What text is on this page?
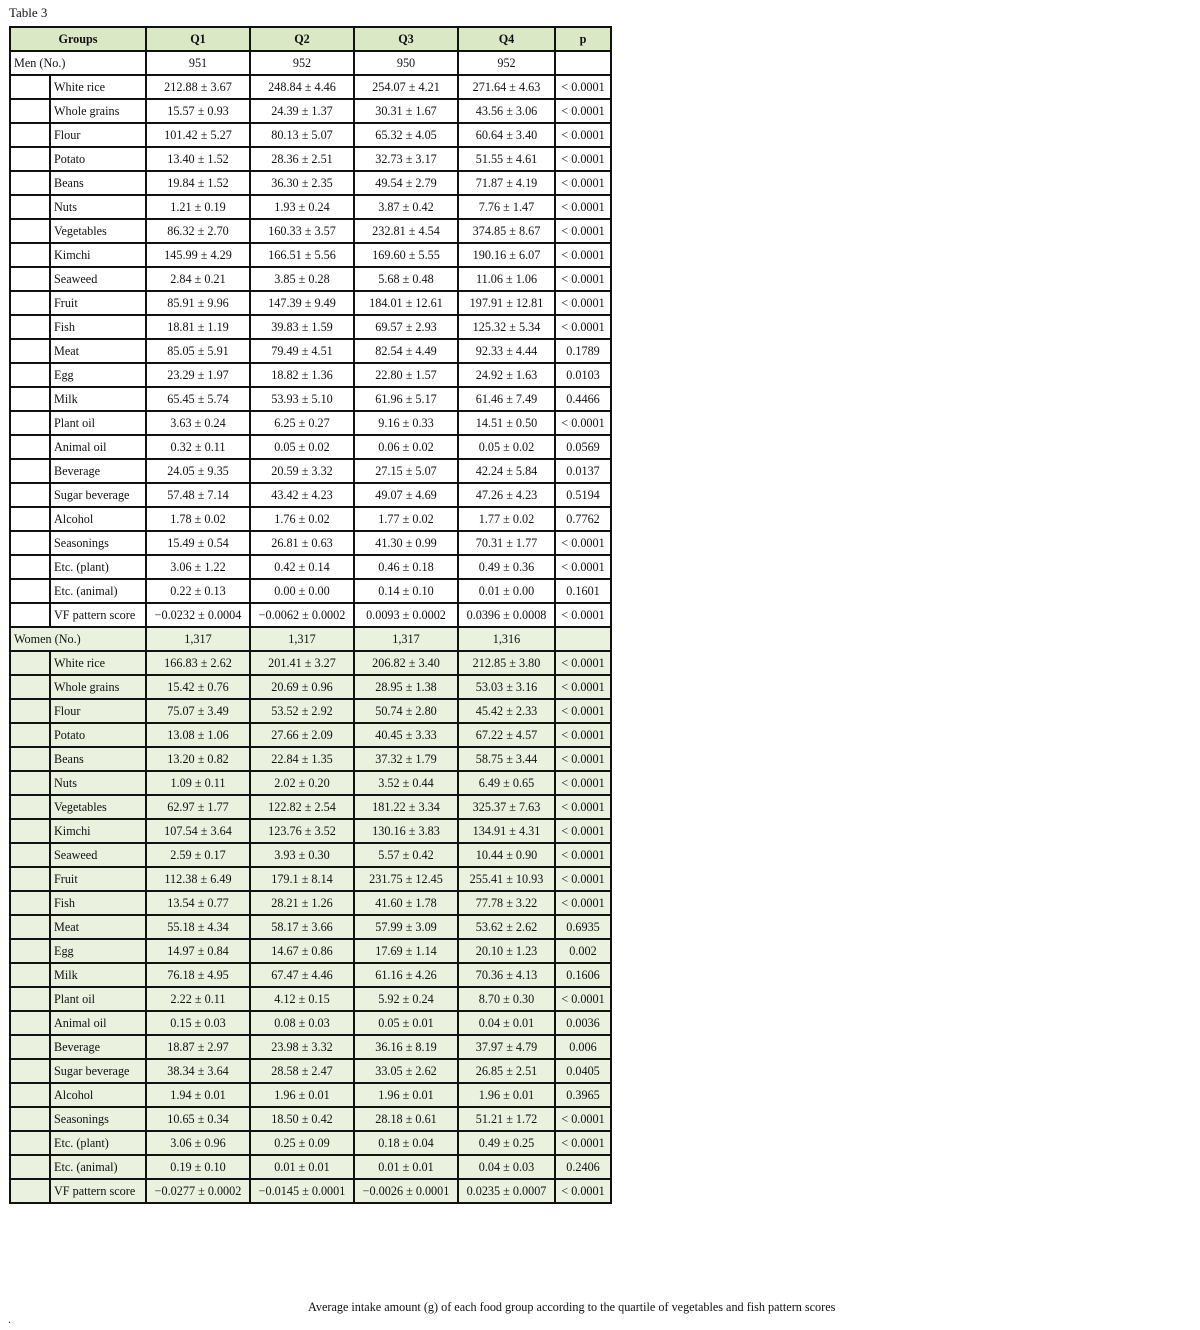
Table 3
Groups		Q1	Q2	Q3	Q4	p
Men (No.)		951	952	950	952	
	White rice	212.88 ± 3.67	248.84 ± 4.46	254.07 ± 4.21	271.64 ± 4.63	< 0.0001
	Whole grains	15.57 ± 0.93	24.39 ± 1.37	30.31 ± 1.67	43.56 ± 3.06	< 0.0001
	Flour	101.42 ± 5.27	80.13 ± 5.07	65.32 ± 4.05	60.64 ± 3.40	< 0.0001
	Potato	13.40 ± 1.52	28.36 ± 2.51	32.73 ± 3.17	51.55 ± 4.61	< 0.0001
	Beans	19.84 ± 1.52	36.30 ± 2.35	49.54 ± 2.79	71.87 ± 4.19	< 0.0001
	Nuts	1.21 ± 0.19	1.93 ± 0.24	3.87 ± 0.42	7.76 ± 1.47	< 0.0001
	Vegetables	86.32 ± 2.70	160.33 ± 3.57	232.81 ± 4.54	374.85 ± 8.67	< 0.0001
	Kimchi	145.99 ± 4.29	166.51 ± 5.56	169.60 ± 5.55	190.16 ± 6.07	< 0.0001
	Seaweed	2.84 ± 0.21	3.85 ± 0.28	5.68 ± 0.48	11.06 ± 1.06	< 0.0001
	Fruit	85.91 ± 9.96	147.39 ± 9.49	184.01 ± 12.61	197.91 ± 12.81	< 0.0001
	Fish	18.81 ± 1.19	39.83 ± 1.59	69.57 ± 2.93	125.32 ± 5.34	< 0.0001
	Meat	85.05 ± 5.91	79.49 ± 4.51	82.54 ± 4.49	92.33 ± 4.44	0.1789
	Egg	23.29 ± 1.97	18.82 ± 1.36	22.80 ± 1.57	24.92 ± 1.63	0.0103
	Milk	65.45 ± 5.74	53.93 ± 5.10	61.96 ± 5.17	61.46 ± 7.49	0.4466
	Plant oil	3.63 ± 0.24	6.25 ± 0.27	9.16 ± 0.33	14.51 ± 0.50	< 0.0001
	Animal oil	0.32 ± 0.11	0.05 ± 0.02	0.06 ± 0.02	0.05 ± 0.02	0.0569
	Beverage	24.05 ± 9.35	20.59 ± 3.32	27.15 ± 5.07	42.24 ± 5.84	0.0137
	Sugar beverage	57.48 ± 7.14	43.42 ± 4.23	49.07 ± 4.69	47.26 ± 4.23	0.5194
	Alcohol	1.78 ± 0.02	1.76 ± 0.02	1.77 ± 0.02	1.77 ± 0.02	0.7762
	Seasonings	15.49 ± 0.54	26.81 ± 0.63	41.30 ± 0.99	70.31 ± 1.77	< 0.0001
	Etc. (plant)	3.06 ± 1.22	0.42 ± 0.14	0.46 ± 0.18	0.49 ± 0.36	< 0.0001
	Etc. (animal)	0.22 ± 0.13	0.00 ± 0.00	0.14 ± 0.10	0.01 ± 0.00	0.1601
	VF pattern score	−0.0232 ± 0.0004	−0.0062 ± 0.0002	0.0093 ± 0.0002	0.0396 ± 0.0008	< 0.0001
Women (No.)		1,317	1,317	1,317	1,316	
	White rice	166.83 ± 2.62	201.41 ± 3.27	206.82 ± 3.40	212.85 ± 3.80	< 0.0001
	Whole grains	15.42 ± 0.76	20.69 ± 0.96	28.95 ± 1.38	53.03 ± 3.16	< 0.0001
	Flour	75.07 ± 3.49	53.52 ± 2.92	50.74 ± 2.80	45.42 ± 2.33	< 0.0001
	Potato	13.08 ± 1.06	27.66 ± 2.09	40.45 ± 3.33	67.22 ± 4.57	< 0.0001
	Beans	13.20 ± 0.82	22.84 ± 1.35	37.32 ± 1.79	58.75 ± 3.44	< 0.0001
	Nuts	1.09 ± 0.11	2.02 ± 0.20	3.52 ± 0.44	6.49 ± 0.65	< 0.0001
	Vegetables	62.97 ± 1.77	122.82 ± 2.54	181.22 ± 3.34	325.37 ± 7.63	< 0.0001
	Kimchi	107.54 ± 3.64	123.76 ± 3.52	130.16 ± 3.83	134.91 ± 4.31	< 0.0001
	Seaweed	2.59 ± 0.17	3.93 ± 0.30	5.57 ± 0.42	10.44 ± 0.90	< 0.0001
	Fruit	112.38 ± 6.49	179.1 ± 8.14	231.75 ± 12.45	255.41 ± 10.93	< 0.0001
	Fish	13.54 ± 0.77	28.21 ± 1.26	41.60 ± 1.78	77.78 ± 3.22	< 0.0001
	Meat	55.18 ± 4.34	58.17 ± 3.66	57.99 ± 3.09	53.62 ± 2.62	0.6935
	Egg	14.97 ± 0.84	14.67 ± 0.86	17.69 ± 1.14	20.10 ± 1.23	0.002
	Milk	76.18 ± 4.95	67.47 ± 4.46	61.16 ± 4.26	70.36 ± 4.13	0.1606
	Plant oil	2.22 ± 0.11	4.12 ± 0.15	5.92 ± 0.24	8.70 ± 0.30	< 0.0001
	Animal oil	0.15 ± 0.03	0.08 ± 0.03	0.05 ± 0.01	0.04 ± 0.01	0.0036
	Beverage	18.87 ± 2.97	23.98 ± 3.32	36.16 ± 8.19	37.97 ± 4.79	0.006
	Sugar beverage	38.34 ± 3.64	28.58 ± 2.47	33.05 ± 2.62	26.85 ± 2.51	0.0405
	Alcohol	1.94 ± 0.01	1.96 ± 0.01	1.96 ± 0.01	1.96 ± 0.01	0.3965
	Seasonings	10.65 ± 0.34	18.50 ± 0.42	28.18 ± 0.61	51.21 ± 1.72	< 0.0001
	Etc. (plant)	3.06 ± 0.96	0.25 ± 0.09	0.18 ± 0.04	0.49 ± 0.25	< 0.0001
	Etc. (animal)	0.19 ± 0.10	0.01 ± 0.01	0.01 ± 0.01	0.04 ± 0.03	0.2406
	VF pattern score	−0.0277 ± 0.0002	−0.0145 ± 0.0001	−0.0026 ± 0.0001	0.0235 ± 0.0007	< 0.0001
Average intake amount (g) of each food group according to the quartile of vegetables and fish pattern scores
.
